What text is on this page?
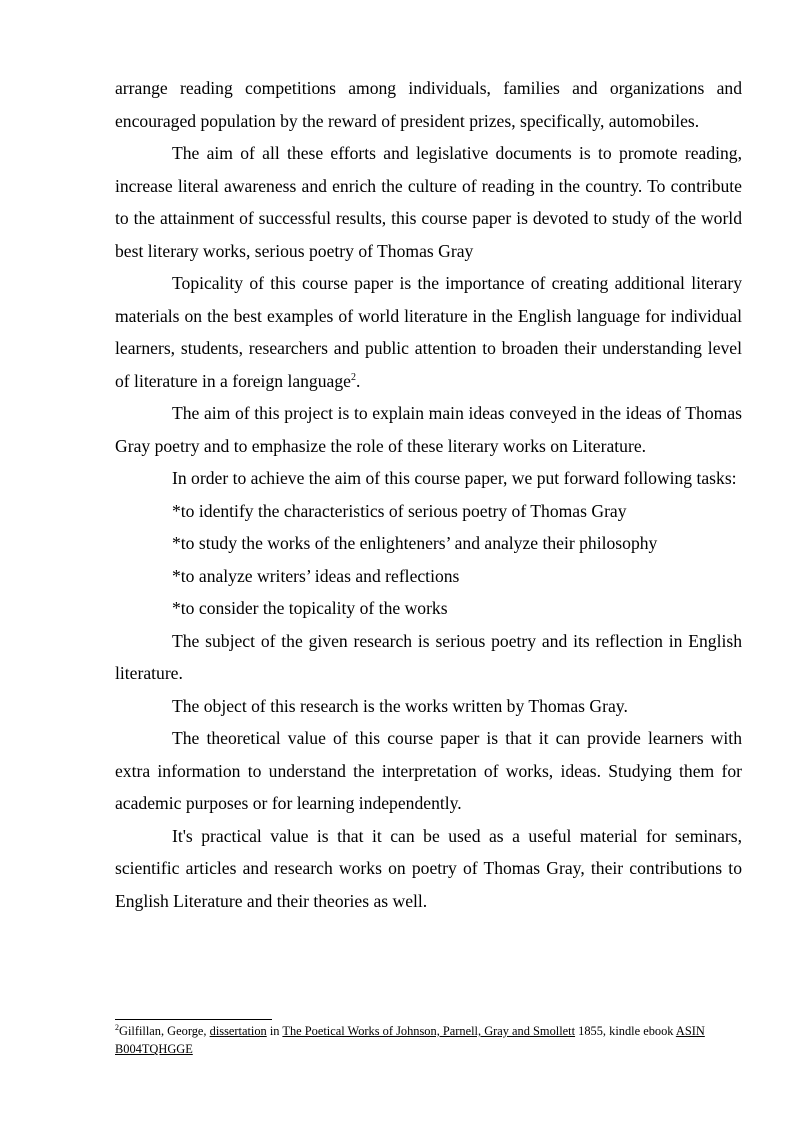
arrange reading competitions among individuals, families and organizations and encouraged population by the reward of president prizes, specifically, automobiles.

The aim of all these efforts and legislative documents is to promote reading, increase literal awareness and enrich the culture of reading in the country. To contribute to the attainment of successful results, this course paper is devoted to study of the world best literary works, serious poetry of Thomas Gray

Topicality of this course paper is the importance of creating additional literary materials on the best examples of world literature in the English language for individual learners, students, researchers and public attention to broaden their understanding level of literature in a foreign language$^2$.

The aim of this project is to explain main ideas conveyed in the ideas of Thomas Gray poetry and to emphasize the role of these literary works on Literature.

In order to achieve the aim of this course paper, we put forward following tasks:

*to identify the characteristics of serious poetry of Thomas Gray

*to study the works of the enlighteners’ and analyze their philosophy

*to analyze writers’ ideas and reflections

*to consider the topicality of the works

The subject of the given research is serious poetry and its reflection in English literature.

The object of this research is the works written by Thomas Gray.

The theoretical value of this course paper is that it can provide learners with extra information to understand the interpretation of works, ideas. Studying them for academic purposes or for learning independently.

It's practical value is that it can be used as a useful material for seminars, scientific articles and research works on poetry of Thomas Gray, their contributions to English Literature and their theories as well.

$^2$Gilfillan, George, dissertation in The Poetical Works of Johnson, Parnell, Gray and Smollett 1855, kindle ebook ASIN B004TQHGGE
